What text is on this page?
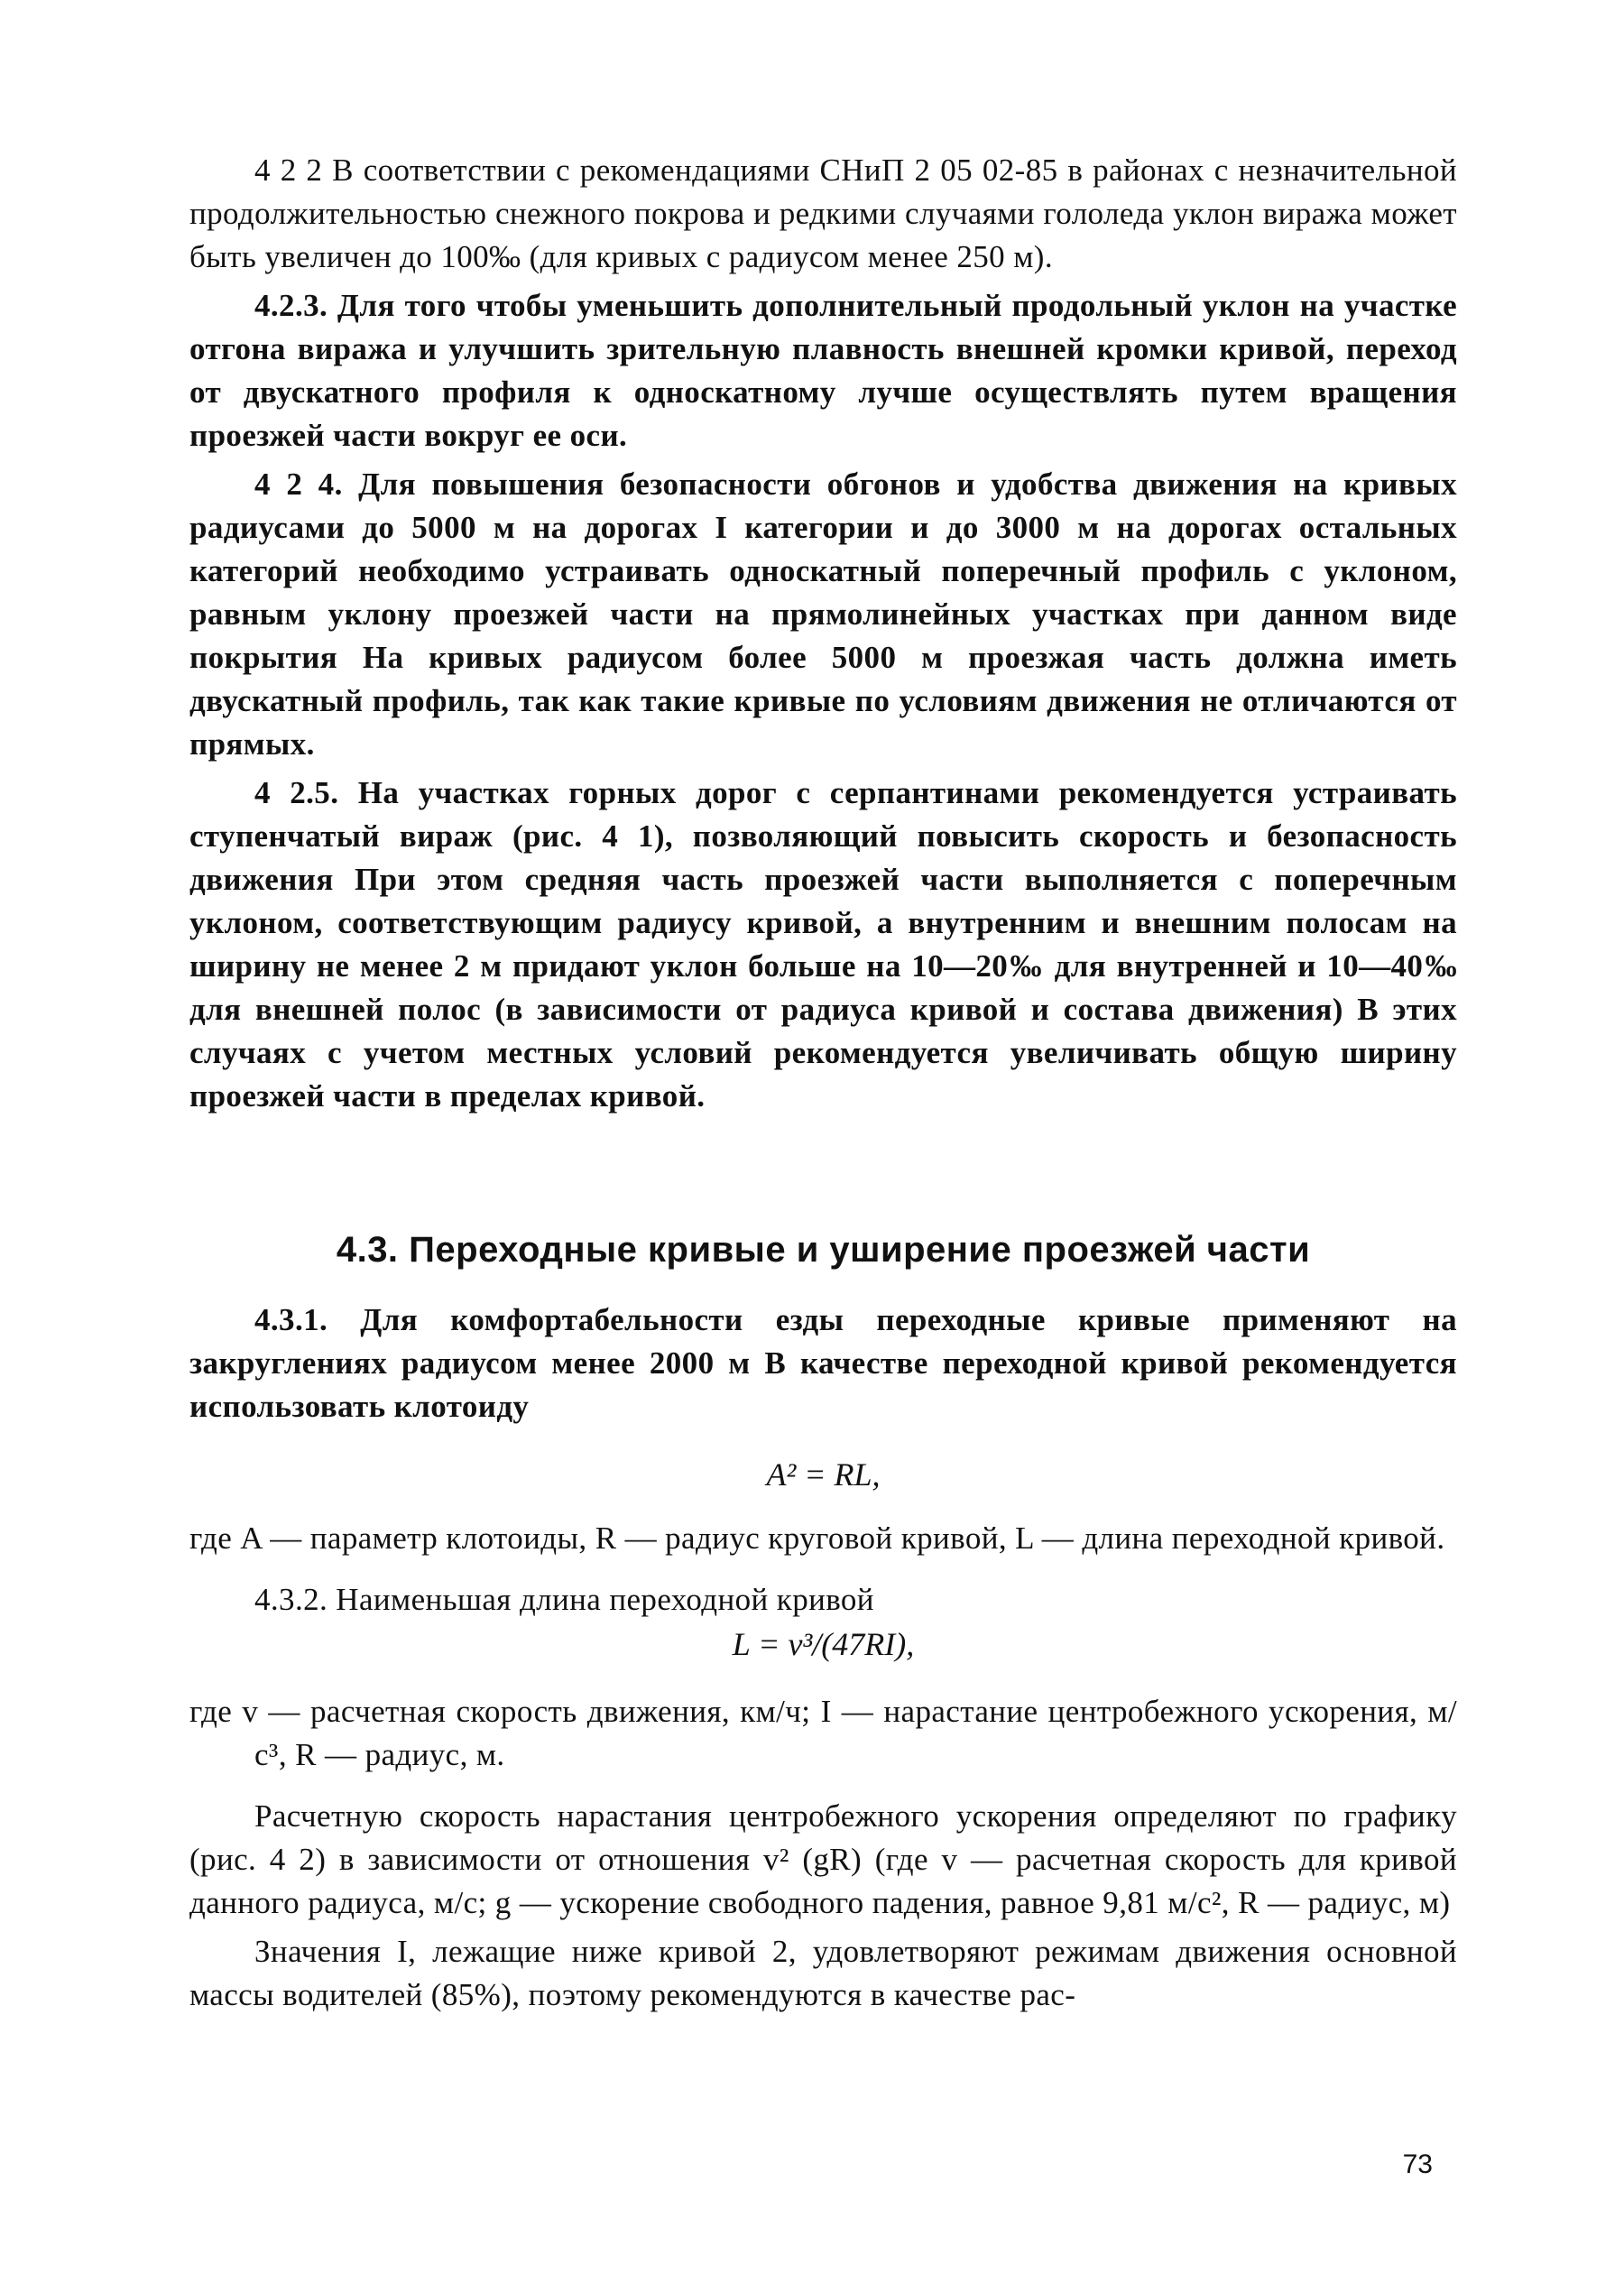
4 2 2 В соответствии с рекомендациями СНиП 2 05 02-85 в районах с незначительной продолжительностью снежного покрова и редкими случаями гололеда уклон виража может быть увеличен до 100‰ (для кривых с радиусом менее 250 м).

4.2.3. Для того чтобы уменьшить дополнительный продольный уклон на участке отгона виража и улучшить зрительную плавность внешней кромки кривой, переход от двускатного профиля к односкатному лучше осуществлять путем вращения проезжей части вокруг ее оси.

4 2 4. Для повышения безопасности обгонов и удобства движения на кривых радиусами до 5000 м на дорогах I категории и до 3000 м на дорогах остальных категорий необходимо устраивать односкатный поперечный профиль с уклоном, равным уклону проезжей части на прямолинейных участках при данном виде покрытия На кривых радиусом более 5000 м проезжая часть должна иметь двускатный профиль, так как такие кривые по условиям движения не отличаются от прямых.

4 2.5. На участках горных дорог с серпантинами рекомендуется устраивать ступенчатый вираж (рис. 4 1), позволяющий повысить скорость и безопасность движения При этом средняя часть проезжей части выполняется с поперечным уклоном, соответствующим радиусу кривой, а внутренним и внешним полосам на ширину не менее 2 м придают уклон больше на 10—20‰ для внутренней и 10—40‰ для внешней полос (в зависимости от радиуса кривой и состава движения) В этих случаях с учетом местных условий рекомендуется увеличивать общую ширину проезжей части в пределах кривой.

4.3. Переходные кривые и уширение проезжей части

4.3.1. Для комфортабельности езды переходные кривые применяют на закруглениях радиусом менее 2000 м В качестве переходной кривой рекомендуется использовать клотоиду

A² = RL,
где A — параметр клотоиды, R — радиус круговой кривой, L — длина переходной кривой.

4.3.2. Наименьшая длина переходной кривой

L = v³/(47RI),
где v — расчетная скорость движения, км/ч; I — нарастание центробежного ускорения, м/с³, R — радиус, м.

Расчетную скорость нарастания центробежного ускорения определяют по графику (рис. 4 2) в зависимости от отношения v² (gR) (где v — расчетная скорость для кривой данного радиуса, м/с; g — ускорение свободного падения, равное 9,81 м/с², R — радиус, м)

Значения I, лежащие ниже кривой 2, удовлетворяют режимам движения основной массы водителей (85%), поэтому рекомендуются в качестве рас-

73
